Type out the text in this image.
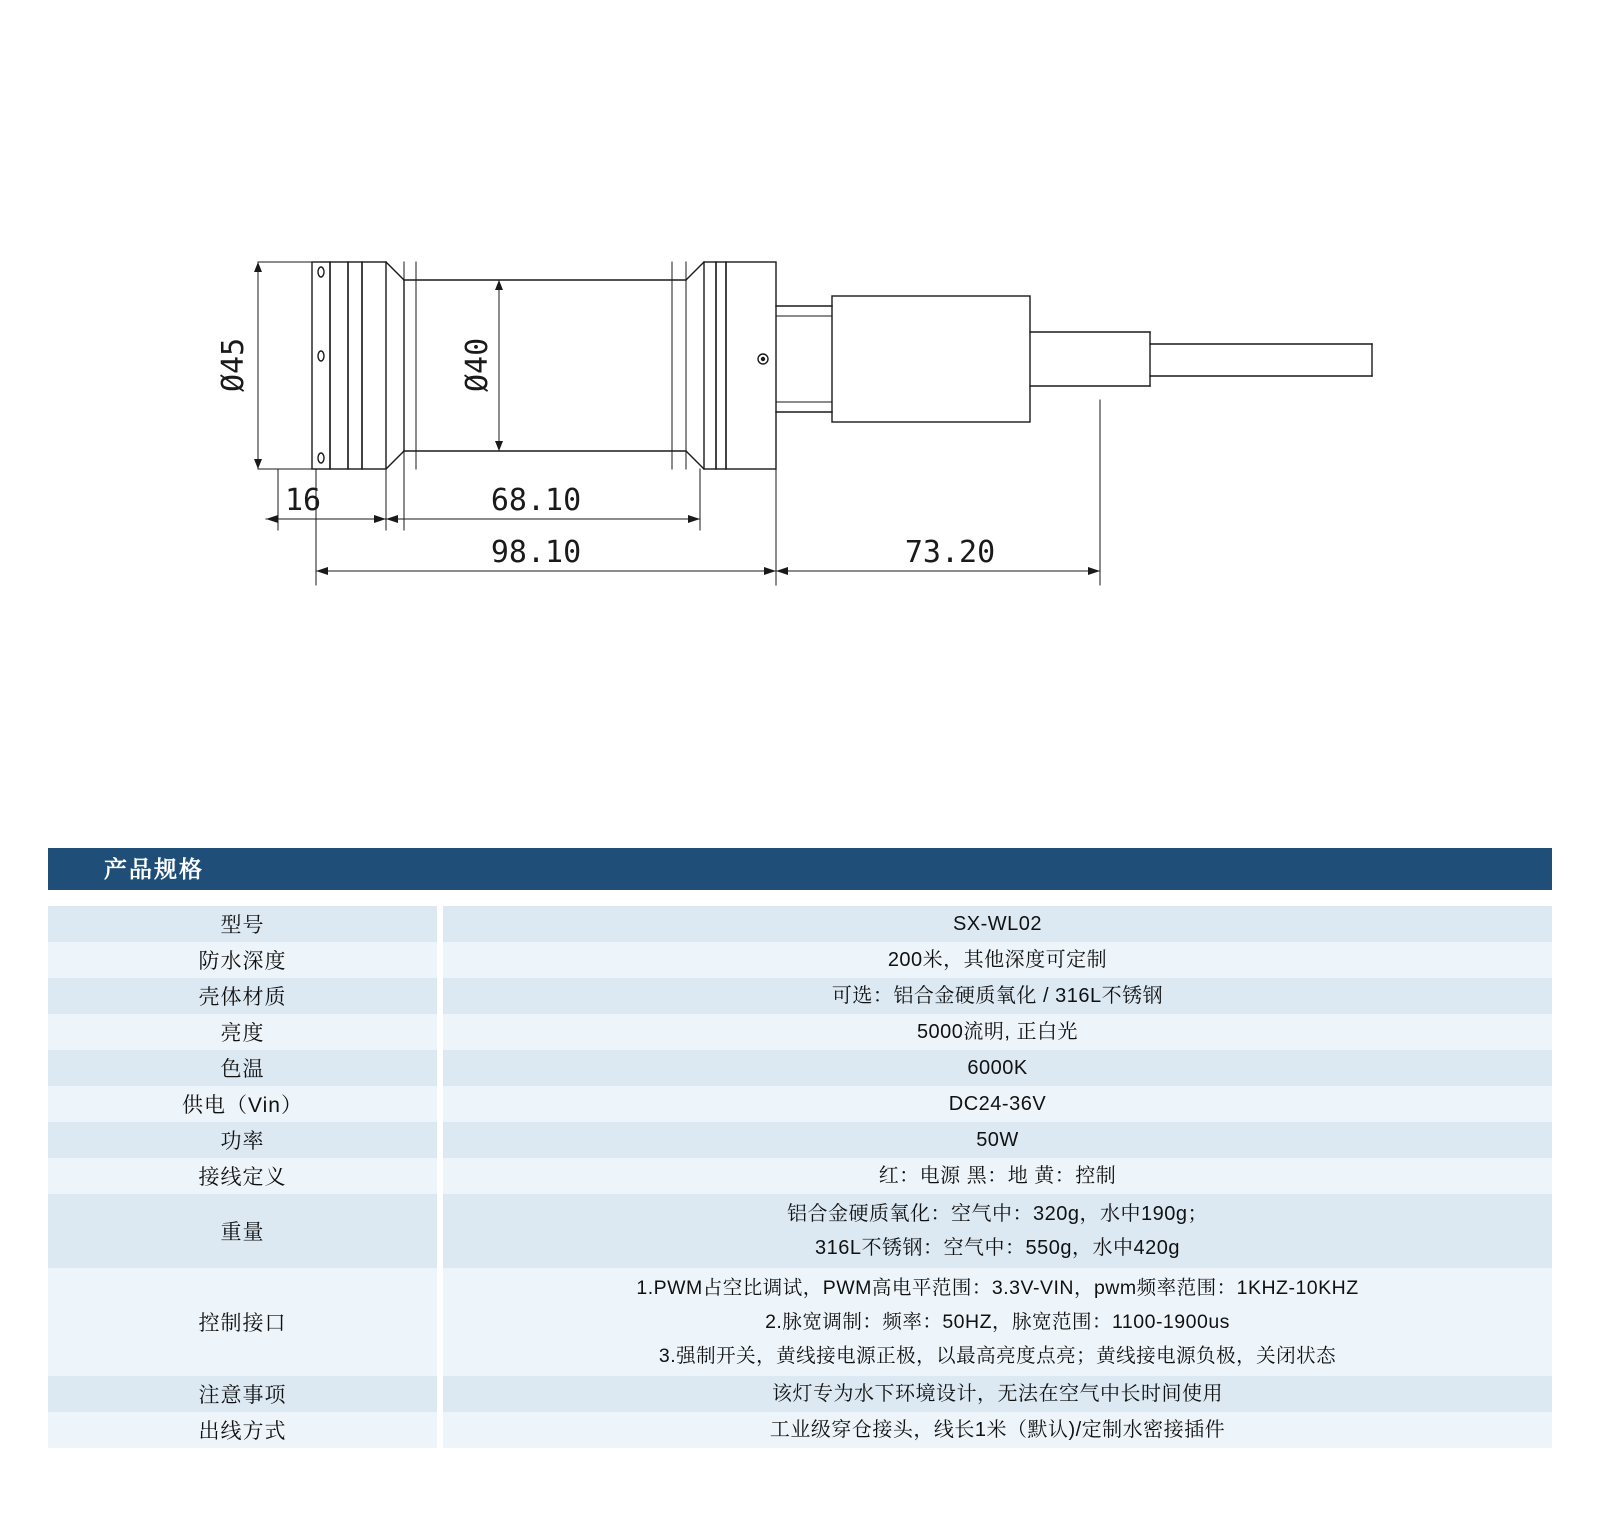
Ø45	Ø40
16	68.10
98.10	73.20
产品规格
型号	SX-WL02

防水深度	200米，其他深度可定制

壳体材质	可选：铝合金硬质氧化 / 316L不锈钢

亮度	5000流明, 正白光

色温	6000K

供电（Vin）	DC24-36V

功率	50W

接线定义	红：电源 黑：地 黄：控制

重量	铝合金硬质氧化：空气中：320g，水中190g；
316L不锈钢：空气中：550g，水中420g

控制接口	1.PWM占空比调试，PWM高电平范围：3.3V-VIN，pwm频率范围：1KHZ-10KHZ
2.脉宽调制：频率：50HZ，脉宽范围：1100-1900us
3.强制开关，黄线接电源正极，以最高亮度点亮；黄线接电源负极，关闭状态

注意事项	该灯专为水下环境设计，无法在空气中长时间使用

出线方式	工业级穿仓接头，线长1米（默认)/定制水密接插件
